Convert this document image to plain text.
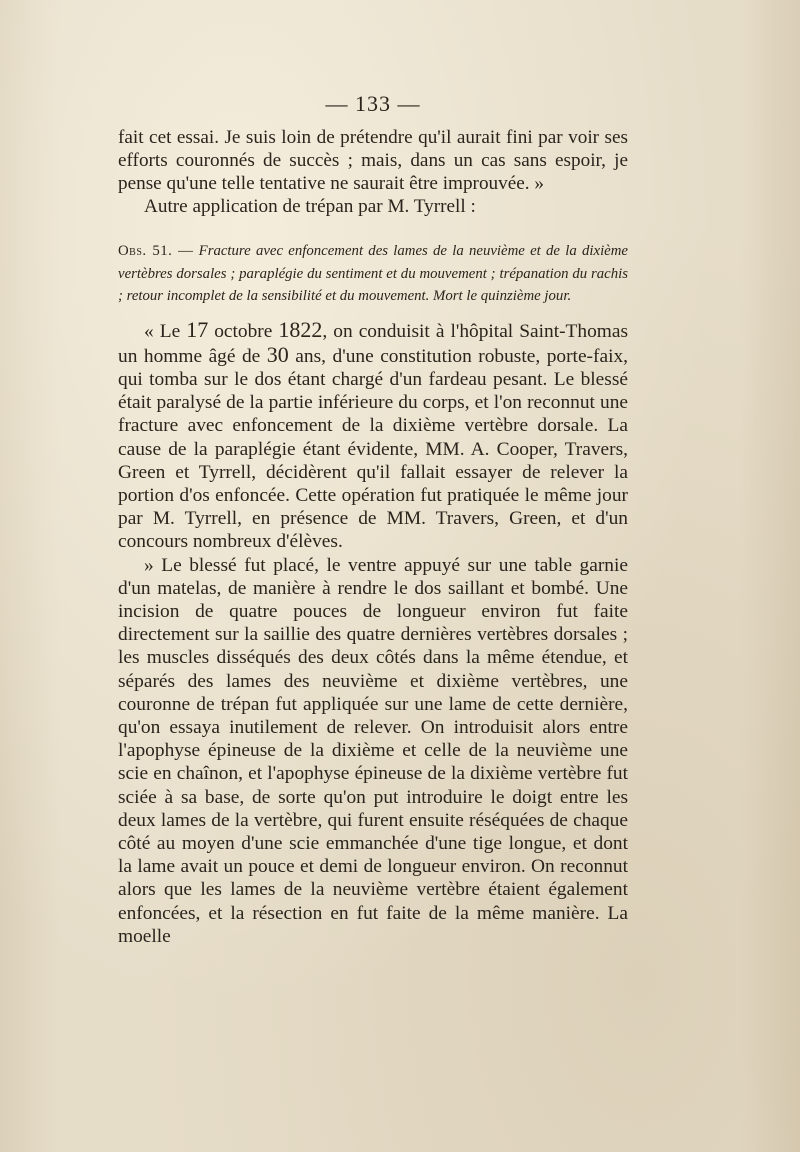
— 133 —

fait cet essai. Je suis loin de prétendre qu'il aurait fini par voir ses efforts couronnés de succès ; mais, dans un cas sans espoir, je pense qu'une telle tentative ne saurait être improuvée. »

Autre application de trépan par M. Tyrrell :

Obs. 51. — Fracture avec enfoncement des lames de la neuvième et de la dixième vertèbres dorsales ; paraplégie du sentiment et du mouvement ; trépanation du rachis ; retour incomplet de la sensibilité et du mouvement. Mort le quinzième jour.

« Le 17 octobre 1822, on conduisit à l'hôpital Saint-Thomas un homme âgé de 30 ans, d'une constitution robuste, porte-faix, qui tomba sur le dos étant chargé d'un fardeau pesant. Le blessé était paralysé de la partie inférieure du corps, et l'on reconnut une fracture avec enfoncement de la dixième vertèbre dorsale. La cause de la paraplégie étant évidente, MM. A. Cooper, Travers, Green et Tyrrell, décidèrent qu'il fallait essayer de relever la portion d'os enfoncée. Cette opération fut pratiquée le même jour par M. Tyrrell, en présence de MM. Travers, Green, et d'un concours nombreux d'élèves.

» Le blessé fut placé, le ventre appuyé sur une table garnie d'un matelas, de manière à rendre le dos saillant et bombé. Une incision de quatre pouces de longueur environ fut faite directement sur la saillie des quatre dernières vertèbres dorsales ; les muscles disséqués des deux côtés dans la même étendue, et séparés des lames des neuvième et dixième vertèbres, une couronne de trépan fut appliquée sur une lame de cette dernière, qu'on essaya inutilement de relever. On introduisit alors entre l'apophyse épineuse de la dixième et celle de la neuvième une scie en chaînon, et l'apophyse épineuse de la dixième vertèbre fut sciée à sa base, de sorte qu'on put introduire le doigt entre les deux lames de la vertèbre, qui furent ensuite réséquées de chaque côté au moyen d'une scie emmanchée d'une tige longue, et dont la lame avait un pouce et demi de longueur environ. On reconnut alors que les lames de la neuvième vertèbre étaient également enfoncées, et la résection en fut faite de la même manière. La moelle
